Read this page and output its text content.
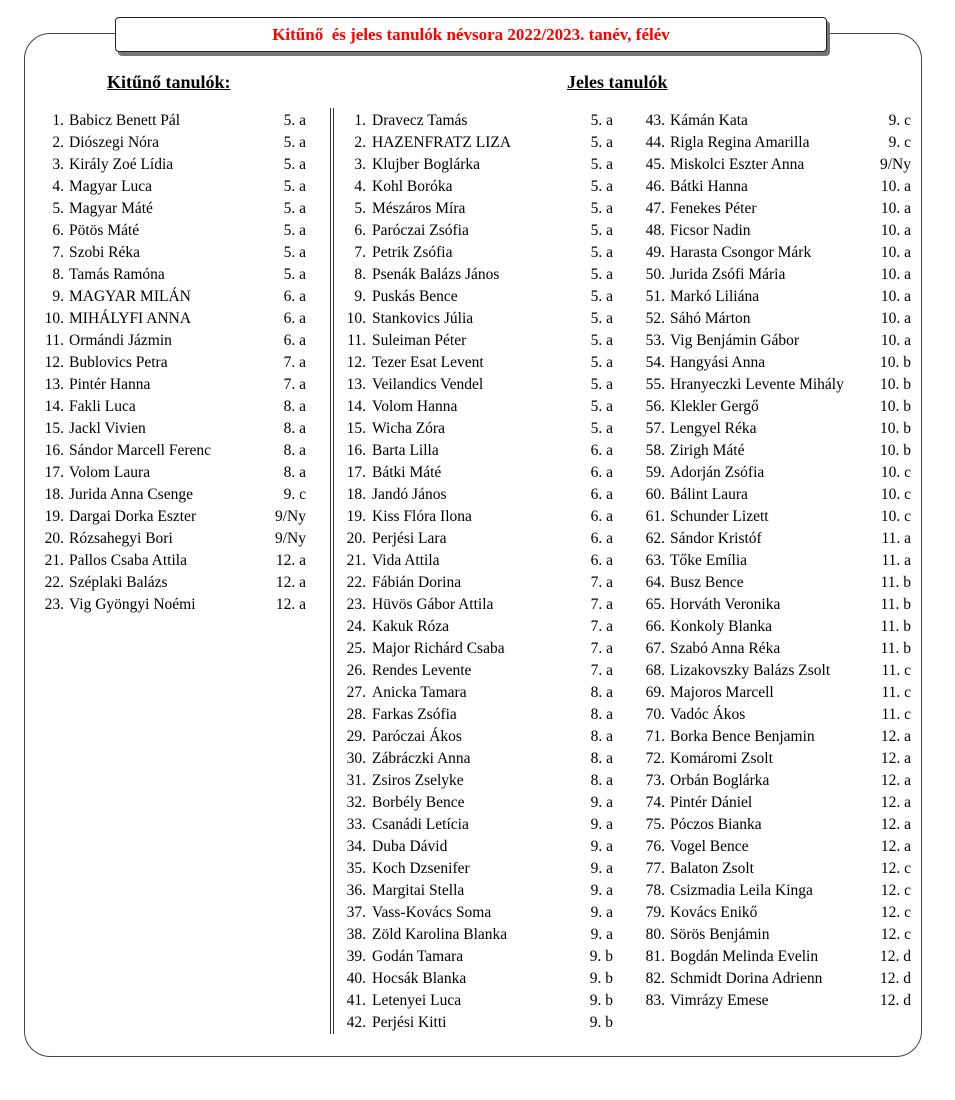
Kitűnő  és jeles tanulók névsora 2022/2023. tanév, félév
Kitűnő tanulók:	Jeles tanulók
1. Babicz Benett Pál	5. a
2. Diószegi Nóra	5. a
3. Király Zoé Lídia	5. a
4. Magyar Luca	5. a
5. Magyar Máté	5. a
6. Pötös Máté	5. a
7. Szobi Réka	5. a
8. Tamás Ramóna	5. a
9. MAGYAR MILÁN	6. a
10. MIHÁLYFI ANNA	6. a
11. Ormándi Jázmin	6. a
12. Bublovics Petra	7. a
13. Pintér Hanna	7. a
14. Fakli Luca	8. a
15. Jackl Vivien	8. a
16. Sándor Marcell Ferenc	8. a
17. Volom Laura	8. a
18. Jurida Anna Csenge	9. c
19. Dargai Dorka Eszter	9/Ny
20. Rózsahegyi Bori	9/Ny
21. Pallos Csaba Attila	12. a
22. Széplaki Balázs	12. a
23. Vig Gyöngyi Noémi	12. a
1. Dravecz Tamás	5. a
2. HAZENFRATZ LIZA	5. a
3. Klujber Boglárka	5. a
4. Kohl Boróka	5. a
5. Mészáros Míra	5. a
6. Paróczai Zsófia	5. a
7. Petrik Zsófia	5. a
8. Psenák Balázs János	5. a
9. Puskás Bence	5. a
10. Stankovics Júlia	5. a
11. Suleiman Péter	5. a
12. Tezer Esat Levent	5. a
13. Veilandics Vendel	5. a
14. Volom Hanna	5. a
15. Wicha Zóra	5. a
16. Barta Lilla	6. a
17. Bátki Máté	6. a
18. Jandó János	6. a
19. Kiss Flóra Ilona	6. a
20. Perjési Lara	6. a
21. Vida Attila	6. a
22. Fábián Dorina	7. a
23. Hüvös Gábor Attila	7. a
24. Kakuk Róza	7. a
25. Major Richárd Csaba	7. a
26. Rendes Levente	7. a
27. Anicka Tamara	8. a
28. Farkas Zsófia	8. a
29. Paróczai Ákos	8. a
30. Zábráczki Anna	8. a
31. Zsiros Zselyke	8. a
32. Borbély Bence	9. a
33. Csanádi Letícia	9. a
34. Duba Dávid	9. a
35. Koch Dzsenifer	9. a
36. Margitai Stella	9. a
37. Vass-Kovács Soma	9. a
38. Zöld Karolina Blanka	9. a
39. Godán Tamara	9. b
40. Hocsák Blanka	9. b
41. Letenyei Luca	9. b
42. Perjési Kitti	9. b
43. Kámán Kata	9. c
44. Rigla Regina Amarilla	9. c
45. Miskolci Eszter Anna	9/Ny
46. Bátki Hanna	10. a
47. Fenekes Péter	10. a
48. Ficsor Nadin	10. a
49. Harasta Csongor Márk	10. a
50. Jurida Zsófi Mária	10. a
51. Markó Liliána	10. a
52. Sáhó Márton	10. a
53. Vig Benjámin Gábor	10. a
54. Hangyási Anna	10. b
55. Hranyeczki Levente Mihály	10. b
56. Klekler Gergő	10. b
57. Lengyel Réka	10. b
58. Zirigh Máté	10. b
59. Adorján Zsófia	10. c
60. Bálint Laura	10. c
61. Schunder Lizett	10. c
62. Sándor Kristóf	11. a
63. Tőke Emília	11. a
64. Busz Bence	11. b
65. Horváth Veronika	11. b
66. Konkoly Blanka	11. b
67. Szabó Anna Réka	11. b
68. Lizakovszky Balázs Zsolt	11. c
69. Majoros Marcell	11. c
70. Vadóc Ákos	11. c
71. Borka Bence Benjamin	12. a
72. Komáromi Zsolt	12. a
73. Orbán Boglárka	12. a
74. Pintér Dániel	12. a
75. Póczos Bianka	12. a
76. Vogel Bence	12. a
77. Balaton Zsolt	12. c
78. Csizmadia Leila Kinga	12. c
79. Kovács Enikő	12. c
80. Sörös Benjámin	12. c
81. Bogdán Melinda Evelin	12. d
82. Schmidt Dorina Adrienn	12. d
83. Vimrázy Emese	12. d
